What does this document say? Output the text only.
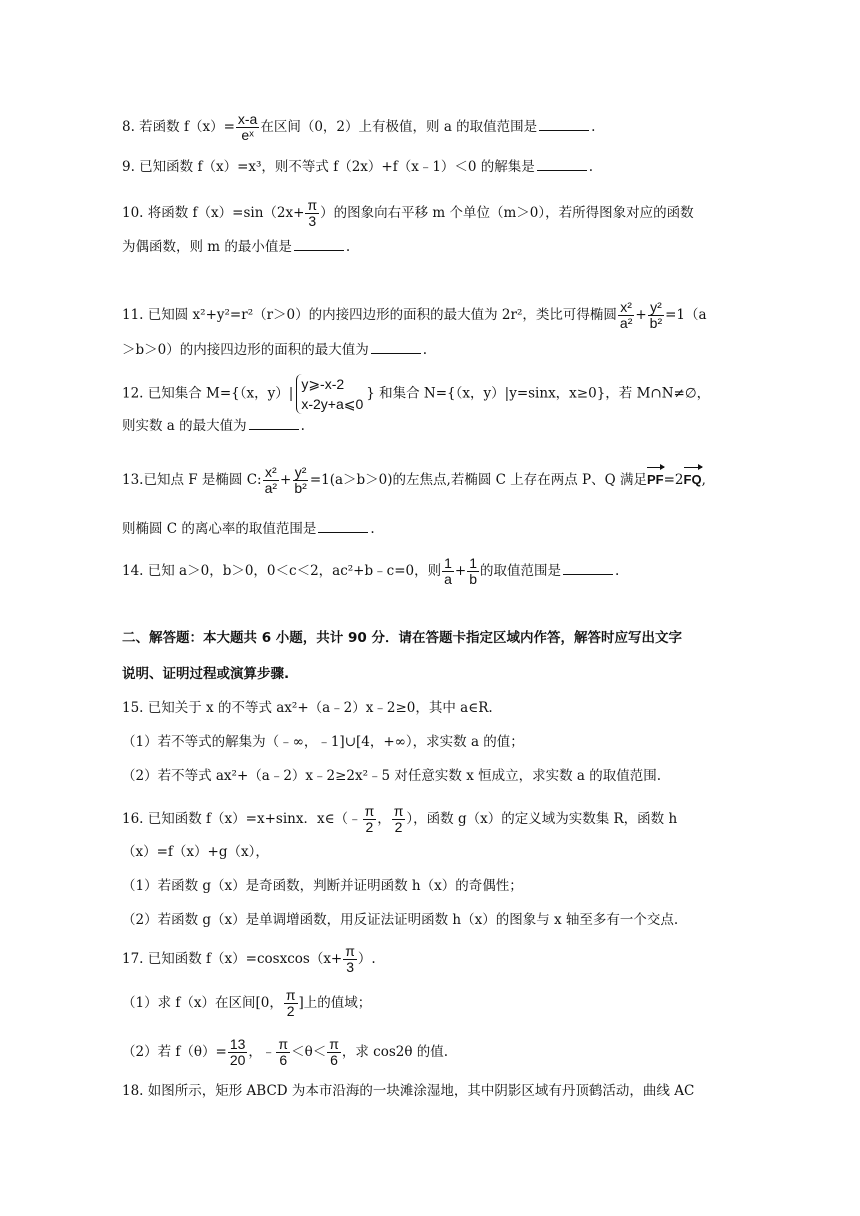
8. 若函数 $f(x)= \frac{x-a}{\text{eˣ}}$ 在区间（0，2）上有极值，则 a 的取值范围是	.
9. 已知函数 f（x）=x³，则不等式 f（2x）+f（x﹣1）＜0 的解集是	.
10. 将函数 $f(x)=\sin(2x+ \frac{\pi}{3}$ ）的图象向右平移 m 个单位（m＞0），若所得图象对应的函数
为偶函数，则 m 的最小值是	.
11. 已知圆 x²+y²=r²（r＞0）的内接四边形的面积的最大值为 2r²，类比可得椭圆 $\frac{\text{x²}}{\text{a²}} + \frac{\text{y²}}{\text{b²}} =1(a$
＞b＞0）的内接四边形的面积的最大值为	.
12. 已知集合 M={（x，y）|y⩾-x-2
x-2y+a⩽0} 和集合 N={（x，y）|y=sinx，x≥0}，若 M∩N≠∅，
则实数 a 的最大值为	.
13.已知点 F 是椭圆 C: $\frac{\text{x²}}{\text{a²}} + \frac{\text{y²}}{\text{b²}} =1(a>b>0)$的左焦点,若椭圆 C 上存在两点 P、Q 满足PF=2FQ,
则椭圆 C 的离心率的取值范围是	.
14. 已知 a＞0，b＞0，0＜c＜2，ac²+b﹣c=0，则 $\frac{1}{a} + \frac{1}{b}$ 的取值范围是	.
二、解答题：本大题共 6 小题，共计 90 分．请在答题卡指定区域内作答，解答时应写出文字
说明、证明过程或演算步骤.
15. 已知关于 x 的不等式 ax²+（a﹣2）x﹣2≥0，其中 a∈R.
（1）若不等式的解集为（﹣∞，﹣1]∪[4，+∞），求实数 a 的值；
（2）若不等式 ax²+（a﹣2）x﹣2≥2x²﹣5 对任意实数 x 恒成立，求实数 a 的取值范围.
16. 已知函数 f（x）=x+sinx．x∈（﹣ $\frac{\pi}{2}$ ， $\frac{\pi}{2}$ ），函数 g（x）的定义域为实数集 R，函数 h
（x）=f（x）+g（x），
（1）若函数 g（x）是奇函数，判断并证明函数 h（x）的奇偶性；
（2）若函数 g（x）是单调增函数，用反证法证明函数 h（x）的图象与 x 轴至多有一个交点.
17. 已知函数 f（x）=cosxcos（x+ $\frac{\pi}{3}$ ）.
（1）求 f（x）在区间[0， $\frac{\pi}{2}$ ]上的值域；
（2）若 $f(\theta)= \frac{13}{20}$ ，﹣ $\frac{\pi}{6} <\theta< \frac{\pi}{6}$ ，求 cos2θ 的值.
18. 如图所示，矩形 ABCD 为本市沿海的一块滩涂湿地，其中阴影区域有丹顶鹤活动，曲线 AC
